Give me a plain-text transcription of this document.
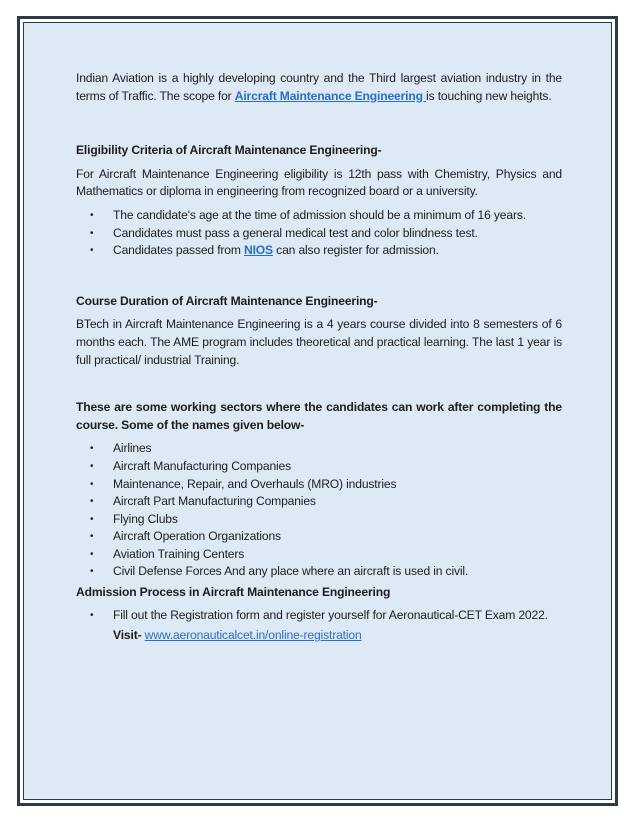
Indian Aviation is a highly developing country and the Third largest aviation industry in the terms of Traffic. The scope for Aircraft Maintenance Engineering is touching new heights.

Eligibility Criteria of Aircraft Maintenance Engineering-

For Aircraft Maintenance Engineering eligibility is 12th pass with Chemistry, Physics and Mathematics or diploma in engineering from recognized board or a university.

• The candidate's age at the time of admission should be a minimum of 16 years.
• Candidates must pass a general medical test and color blindness test.
• Candidates passed from NIOS can also register for admission.

Course Duration of Aircraft Maintenance Engineering-

BTech in Aircraft Maintenance Engineering is a 4 years course divided into 8 semesters of 6 months each. The AME program includes theoretical and practical learning. The last 1 year is full practical/ industrial Training.

These are some working sectors where the candidates can work after completing the course. Some of the names given below-

• Airlines
• Aircraft Manufacturing Companies
• Maintenance, Repair, and Overhauls (MRO) industries
• Aircraft Part Manufacturing Companies
• Flying Clubs
• Aircraft Operation Organizations
• Aviation Training Centers
• Civil Defense Forces And any place where an aircraft is used in civil.

Admission Process in Aircraft Maintenance Engineering

• Fill out the Registration form and register yourself for Aeronautical-CET Exam 2022.

Visit- www.aeronauticalcet.in/online-registration
